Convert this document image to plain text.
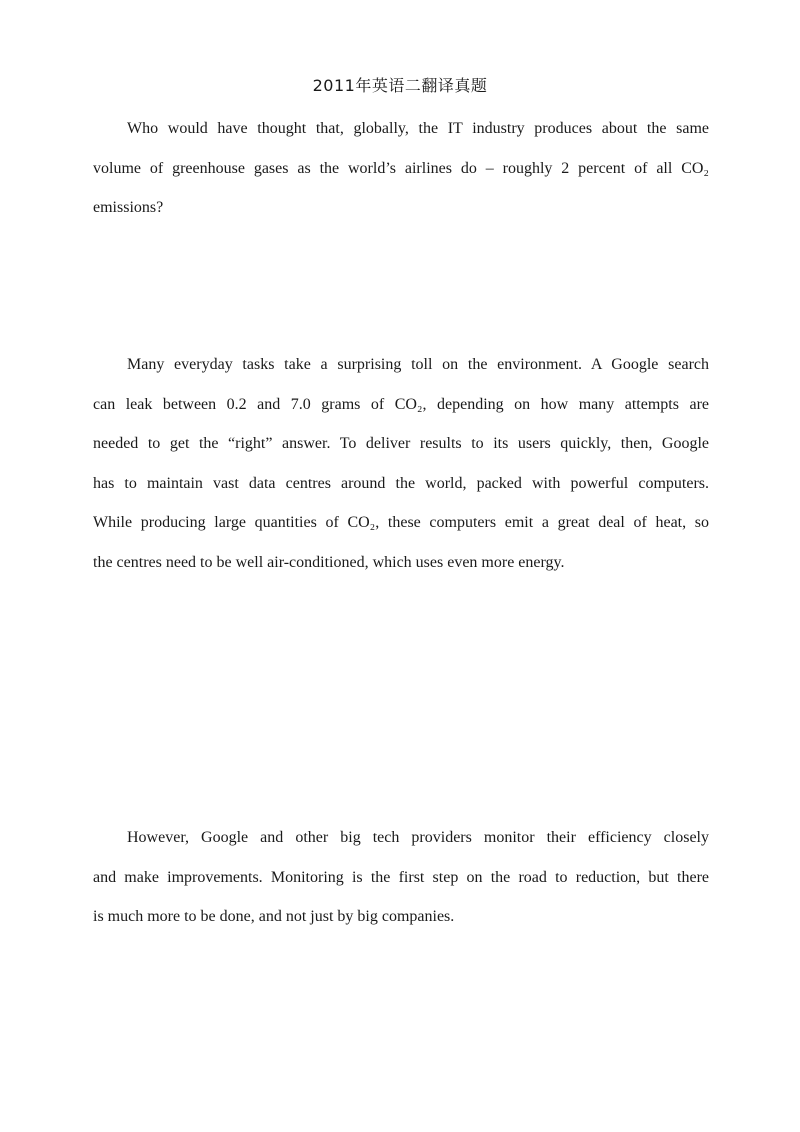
2011年英语二翻译真题
Who would have thought that, globally, the IT industry produces about the same
volume of greenhouse gases as the world’s airlines do – roughly 2 percent of all CO₂
emissions?
Many everyday tasks take a surprising toll on the environment. A Google search
can leak between 0.2 and 7.0 grams of CO₂, depending on how many attempts are
needed to get the “right” answer. To deliver results to its users quickly, then, Google
has to maintain vast data centres around the world, packed with powerful computers.
While producing large quantities of CO₂, these computers emit a great deal of heat, so
the centres need to be well air-conditioned, which uses even more energy.
However, Google and other big tech providers monitor their efficiency closely
and make improvements. Monitoring is the first step on the road to reduction, but there
is much more to be done, and not just by big companies.
